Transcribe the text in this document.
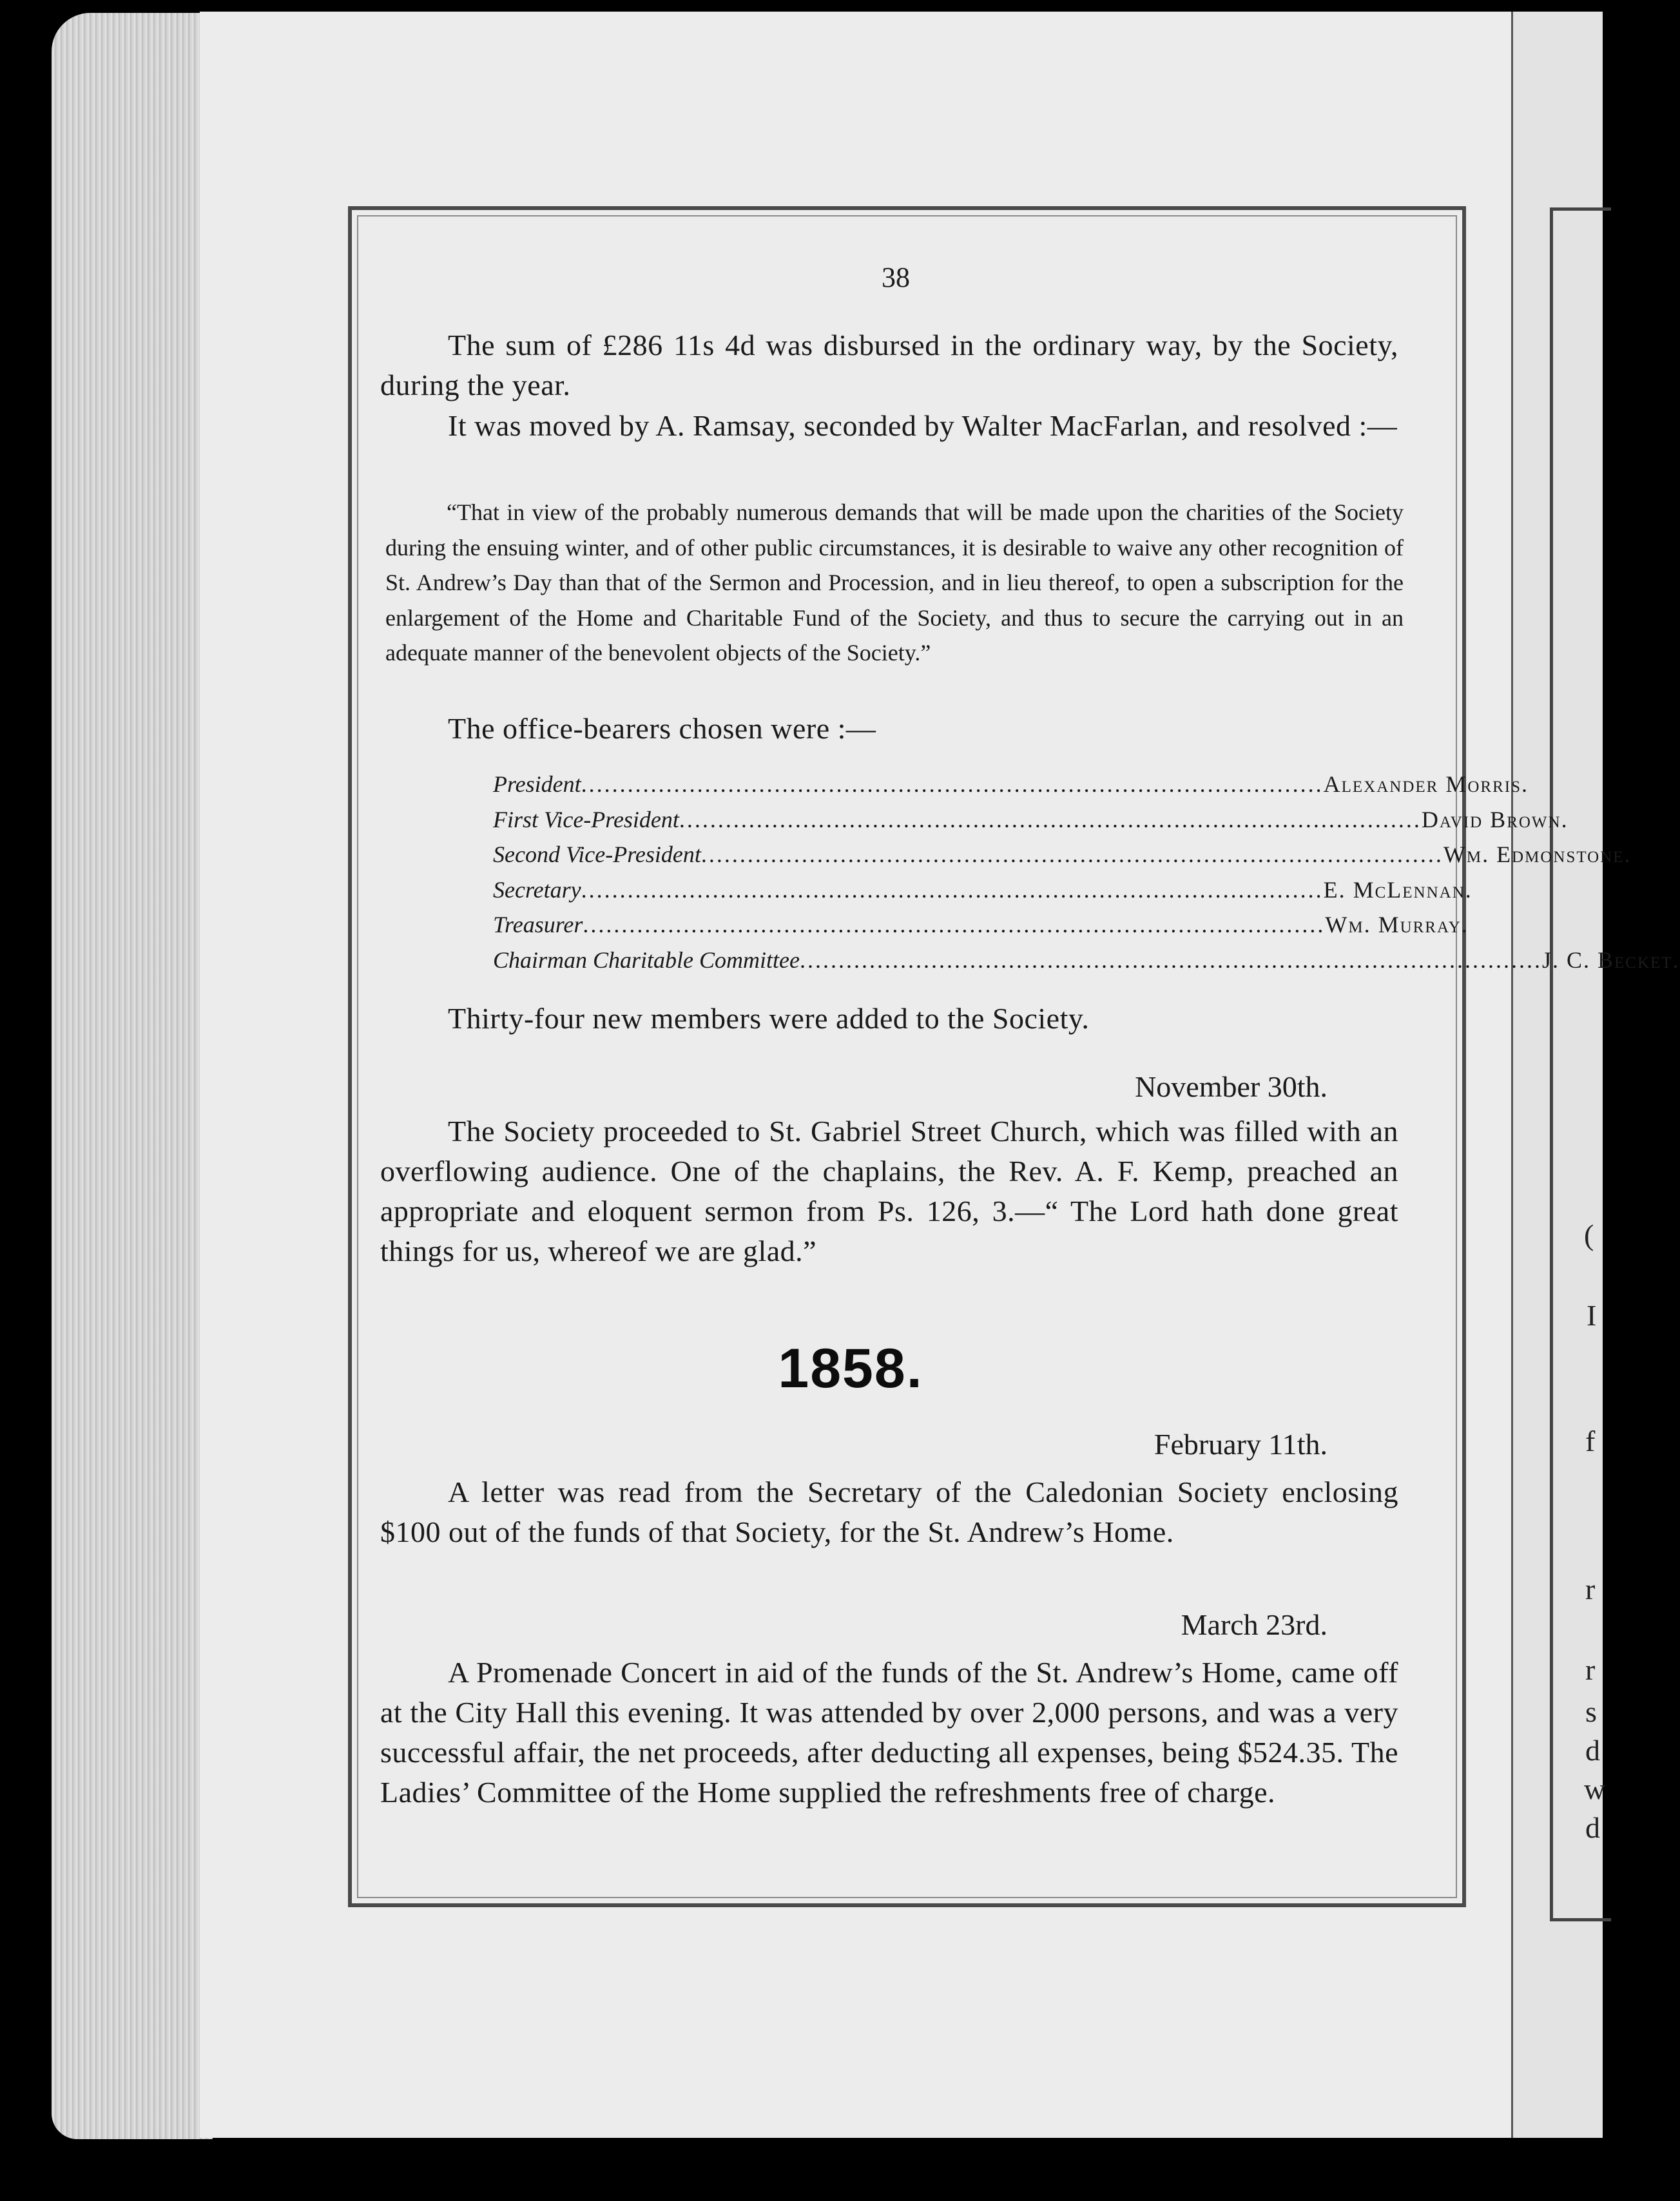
(
I
f
r
r
s
d
w
d
38
The sum of £286 11s 4d was disbursed in the ordinary way, by the Society, during the year.
It was moved by A. Ramsay, seconded by Walter MacFarlan, and resolved :—
“That in view of the probably numerous demands that will be made upon the charities of the Society during the ensuing winter, and of other public circumstances, it is desirable to waive any other recognition of St. Andrew’s Day than that of the Sermon and Procession, and in lieu thereof, to open a subscription for the enlargement of the Home and Charitable Fund of the Society, and thus to secure the carrying out in an adequate manner of the benevolent objects of the Society.”
The office-bearers chosen were :—
President .....	Alexander Morris.
First Vice-President .....	David Brown.
Second Vice-President .....	Wm. Edmonstone.
Secretary .....	E. McLennan.
Treasurer .....	Wm. Murray.
Chairman Charitable Committee .....	J. C. Becket.
Thirty-four new members were added to the Society.
November 30th.
The Society proceeded to St. Gabriel Street Church, which was filled with an overflowing audience. One of the chaplains, the Rev. A. F. Kemp, preached an appropriate and eloquent sermon from Ps. 126, 3.—“ The Lord hath done great things for us, whereof we are glad.”
1858.
February 11th.
A letter was read from the Secretary of the Caledonian Society enclosing $100 out of the funds of that Society, for the St. Andrew’s Home.
March 23rd.
A Promenade Concert in aid of the funds of the St. Andrew’s Home, came off at the City Hall this evening. It was attended by over 2,000 persons, and was a very successful affair, the net proceeds, after deducting all expenses, being $524.35. The Ladies’ Committee of the Home supplied the refreshments free of charge.
